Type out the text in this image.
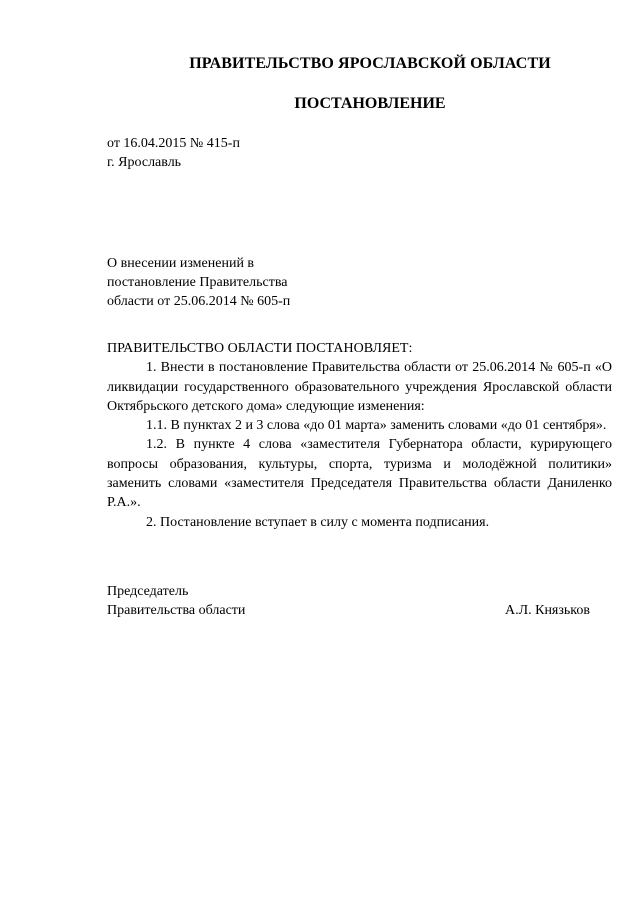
ПРАВИТЕЛЬСТВО ЯРОСЛАВСКОЙ ОБЛАСТИ
ПОСТАНОВЛЕНИЕ
от 16.04.2015 № 415-п
г. Ярославль
О внесении изменений в
постановление Правительства
области от 25.06.2014 № 605-п

ПРАВИТЕЛЬСТВО ОБЛАСТИ ПОСТАНОВЛЯЕТ:

1. Внести в постановление Правительства области от 25.06.2014 № 605-п «О ликвидации государственного образовательного учреждения Ярославской области Октябрьского детского дома» следующие изменения:

1.1. В пунктах 2 и 3 слова «до 01 марта» заменить словами «до 01 сентября».

1.2. В пункте 4 слова «заместителя Губернатора области, курирующего вопросы образования, культуры, спорта, туризма и молодёжной политики» заменить словами «заместителя Председателя Правительства области Даниленко Р.А.».

2. Постановление вступает в силу с момента подписания.

Председатель
Правительства области	А.Л. Князьков
